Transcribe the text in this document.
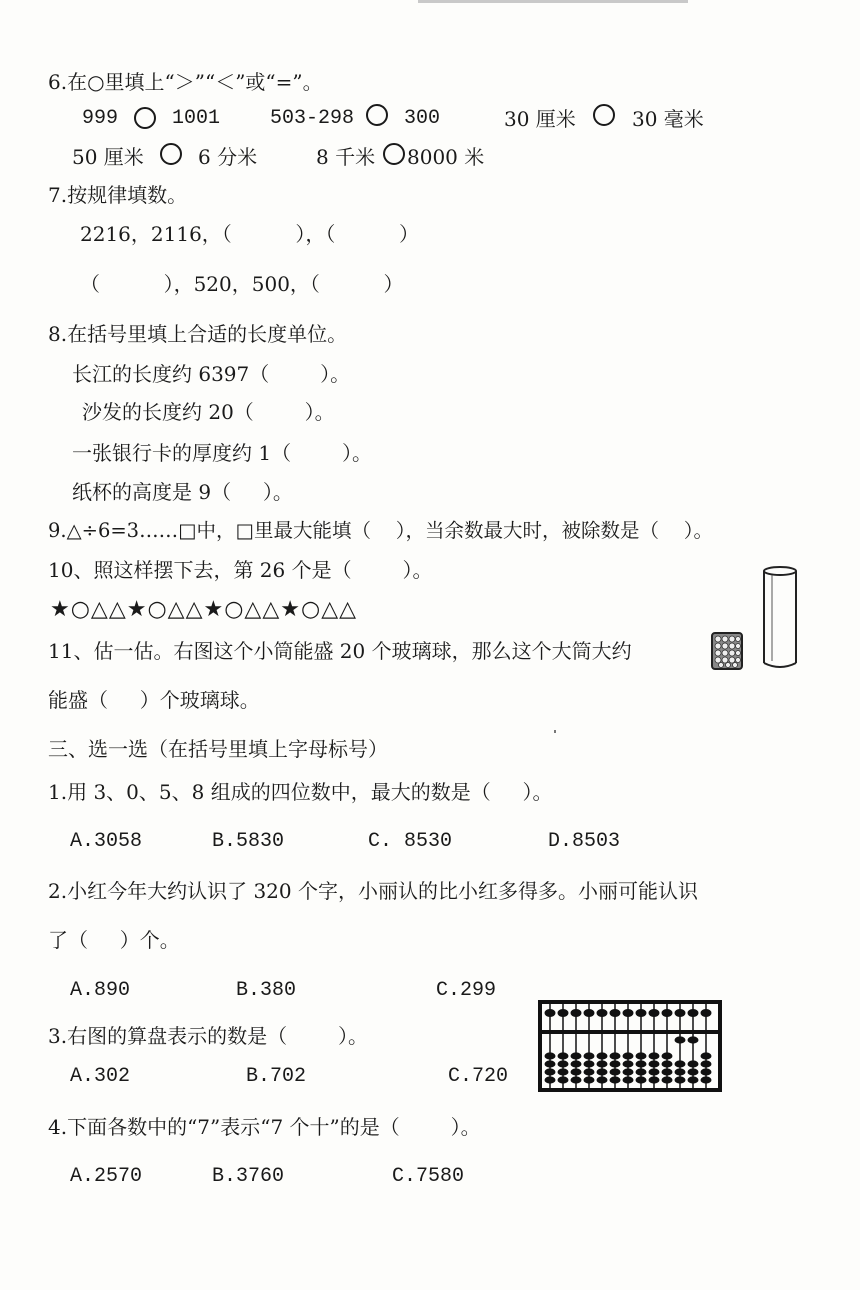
6.在○里填上“＞”“＜”或“=”。
999	1001 503-298 300	30 厘米	30 毫米
50 厘米	6 分米	8 千米 8000 米
7.按规律填数。
2216，2116，（          ），（          ）
（          ），520，500，（          ）
8.在括号里填上合适的长度单位。
长江的长度约 6397（        ）。
沙发的长度约 20（        ）。
一张银行卡的厚度约 1（        ）。
纸杯的高度是 9（     ）。
9.△÷6=3……□中，□里最大能填（    ），当余数最大时，被除数是（    ）。
10、照这样摆下去，第 26 个是（        ）。
★○△△★○△△★○△△★○△△
11、估一估。右图这个小筒能盛 20 个玻璃球，那么这个大筒大约
能盛（     ）个玻璃球。
三、选一选（在括号里填上字母标号）
1.用 3、0、5、8 组成的四位数中，最大的数是（     ）。
A.3058	B.5830	C. 8530	D.8503
2.小红今年大约认识了 320 个字，小丽认的比小红多得多。小丽可能认识
了（     ）个。
A.890	B.380	C.299
3.右图的算盘表示的数是（        ）。
A.302	B.702	C.720
4.下面各数中的“7”表示“7 个十”的是（        ）。
A.2570	B.3760	C.7580
